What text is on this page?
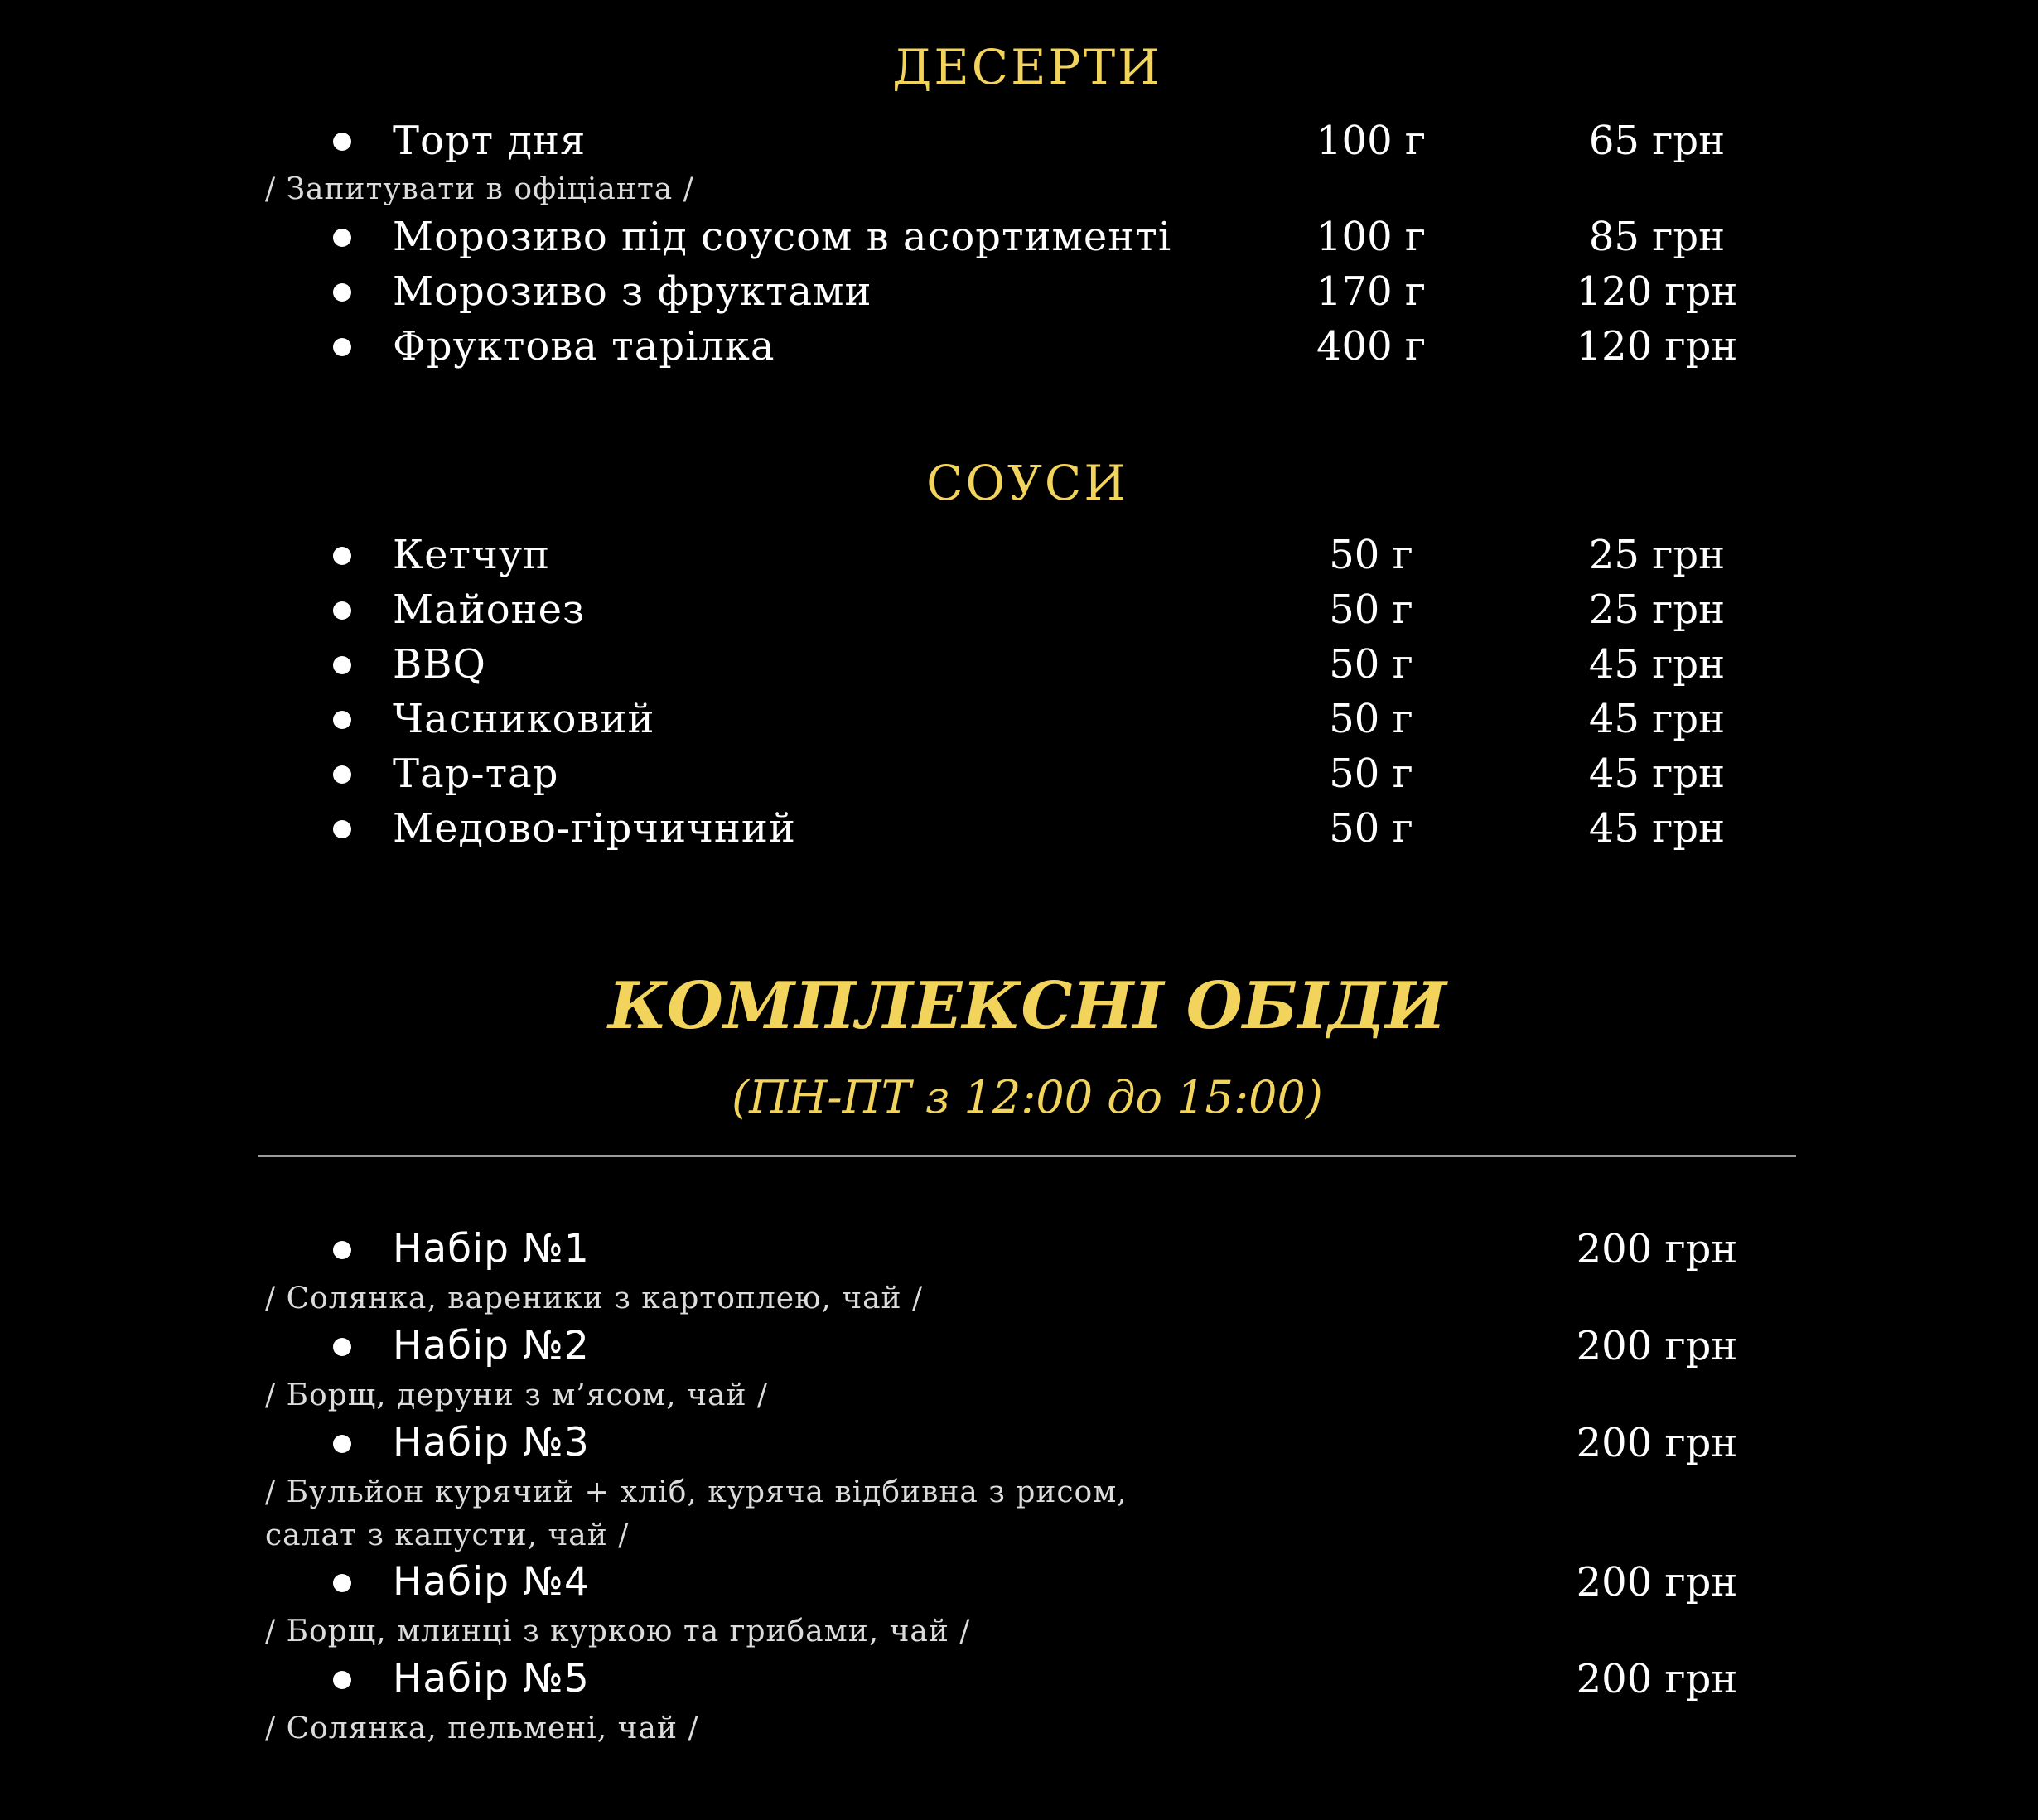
ДЕСЕРТИ
Торт дня	100 г	65 грн
/ Запитувати в офіціанта /
Морозиво під соусом в асортименті	100 г	85 грн
Морозиво з фруктами	170 г	120 грн
Фруктова тарілка	400 г	120 грн
СОУСИ
Кетчуп	50 г	25 грн
Майонез	50 г	25 грн
BBQ	50 г	45 грн
Часниковий	50 г	45 грн
Тар-тар	50 г	45 грн
Медово-гірчичний	50 г	45 грн
КОМПЛЕКСНІ ОБІДИ
(ПН-ПТ з 12:00 до 15:00)
Набір №1	200 грн
/ Солянка, вареники з картоплею, чай /
Набір №2	200 грн
/ Борщ, деруни з м’ясом, чай /
Набір №3	200 грн
/ Бульйон курячий + хліб, куряча відбивна з рисом, салат з капусти, чай /
Набір №4	200 грн
/ Борщ, млинці з куркою та грибами, чай /
Набір №5	200 грн
/ Солянка, пельмені, чай /
